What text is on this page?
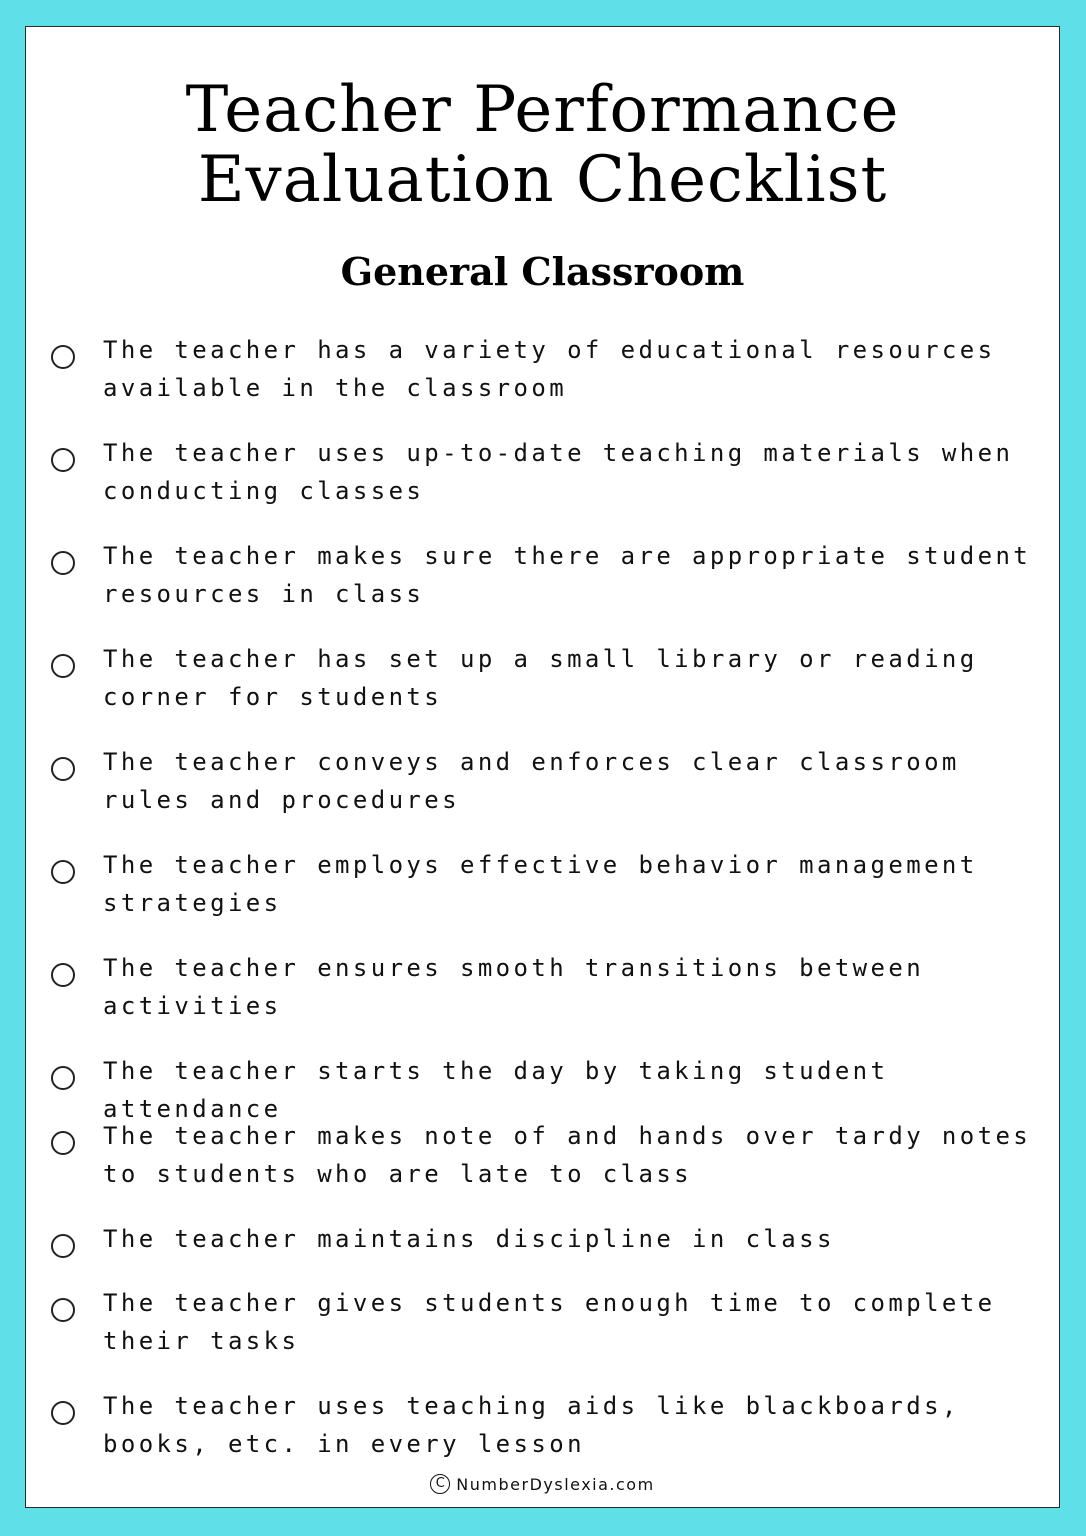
Teacher Performance
Evaluation Checklist
General Classroom
The teacher has a variety of educational resources available in the classroom
The teacher uses up-to-date teaching materials when conducting classes
The teacher makes sure there are appropriate student resources in class
The teacher has set up a small library or reading corner for students
The teacher conveys and enforces clear classroom rules and procedures
The teacher employs effective behavior management strategies
The teacher ensures smooth transitions between activities
The teacher starts the day by taking student attendance
The teacher makes note of and hands over tardy notes to students who are late to class
The teacher maintains discipline in class
The teacher gives students enough time to complete their tasks
The teacher uses teaching aids like blackboards, books, etc. in every lesson
C NumberDyslexia.com
